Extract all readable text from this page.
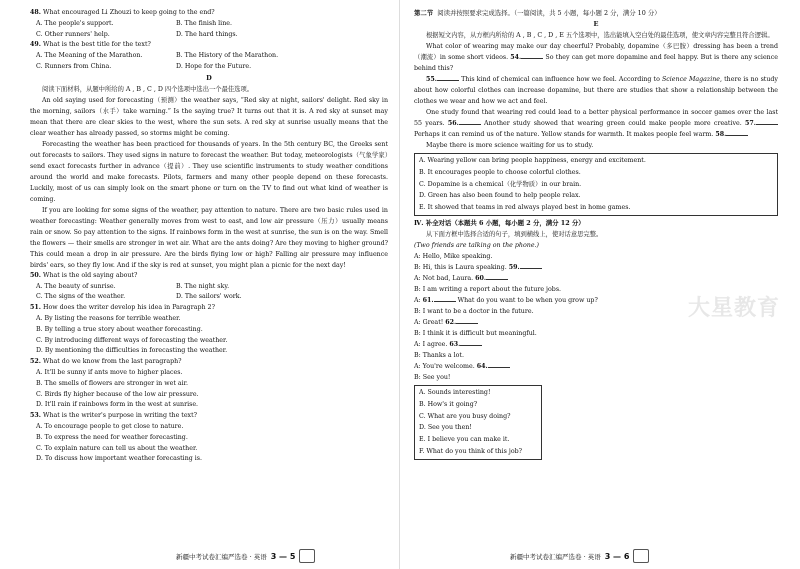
48. What encouraged Li Zhouzi to keep going to the end?
A. The people's support.	B. The finish line.
C. Other runners' help.	D. The hard things.
49. What is the best title for the text?
A. The Meaning of the Marathon.	B. The History of the Marathon.
C. Runners from China.	D. Hope for the Future.
D

阅读下面材料，从题中所给的 A , B , C , D 四个选项中选出一个最佳选项。

An old saying used for forecasting（预测）the weather says, “Red sky at night, sailors' delight. Red sky in the morning, sailors（水手）take warning.” Is the saying true? It turns out that it is. A red sky at sunset may mean that there are clear skies to the west, where the sun sets. A red sky at sunrise usually means that the clear weather has already passed, so storms might be coming.

Forecasting the weather has been practiced for thousands of years. In the 5th century BC, the Greeks sent out forecasts to sailors. They used signs in nature to forecast the weather. But today, meteorologists（气象学家）send exact forecasts further in advance（提前）. They use scientific instruments to study weather conditions around the world and make forecasts. Pilots, farmers and many other people depend on these forecasts. Luckily, most of us can simply look on the smart phone or turn on the TV to find out what kind of weather is coming.

If you are looking for some signs of the weather, pay attention to nature. There are two basic rules used in weather forecasting: Weather generally moves from west to east, and low air pressure（压力）usually means rain or snow. So pay attention to the signs. If rainbows form in the west at sunrise, the sun is on the way. Smell the flowers — their smells are stronger in wet air. What are the ants doing? Are they moving to higher ground? This could mean a drop in air pressure. Are the birds flying low or high? Falling air pressure may influence birds' ears, so they fly low. And if the sky is red at sunset, you might plan a picnic for the next day!

50. What is the old saying about?
A. The beauty of sunrise.	B. The night sky.
C. The signs of the weather.	D. The sailors' work.
51. How does the writer develop his idea in Paragraph 2?
A. By listing the reasons for terrible weather.
B. By telling a true story about weather forecasting.
C. By introducing different ways of forecasting the weather.
D. By mentioning the difficulties in forecasting the weather.
52. What do we know from the last paragraph?
A. It'll be sunny if ants move to higher places.
B. The smells of flowers are stronger in wet air.
C. Birds fly higher because of the low air pressure.
D. It'll rain if rainbows form in the west at sunrise.
53. What is the writer's purpose in writing the text?
A. To encourage people to get close to nature.
B. To express the need for weather forecasting.
C. To explain nature can tell us about the weather.
D. To discuss how important weather forecasting is.
新疆中考试卷汇编严选卷 · 英语 3 — 5
第二节 阅读并按照要求完成选择。（一篇阅读，共 5 小题，每小题 2 分，满分 10 分）
E

根据短文内容，从方框内所给的 A , B , C , D , E 五个选项中，选出能填入空白处的最佳选项，使文章内容完整且符合逻辑。

What color of wearing may make our day cheerful? Probably, dopamine（多巴胺）dressing has been a trend（潮流）in some short videos. 54.	So they can get more dopamine and feel happy. But is there any science behind this?

55.	This kind of chemical can influence how we feel. According to Science Magazine, there is no study about how colorful clothes can increase dopamine, but there are studies that show a relationship between the clothes we wear and how we act and feel.

One study found that wearing red could lead to a better physical performance in soccer games over the last 55 years. 56.	Another study showed that wearing green could make people more creative. 57. Perhaps it can remind us of the nature. Yellow stands for warmth. It makes people feel warm. 58.

Maybe there is more science waiting for us to study.

A. Wearing yellow can bring people happiness, energy and excitement.
B. It encourages people to choose colorful clothes.
C. Dopamine is a chemical（化学物质）in our brain.
D. Green has also been found to help people relax.
E. It showed that teams in red always played best in home games.
Ⅳ. 补全对话（本题共 6 小题，每小题 2 分，满分 12 分）

从下面方框中选择合适的句子，填到横线上，使对话意思完整。

(Two friends are talking on the phone.)

A: Hello, Mike speaking.

B: Hi, this is Laura speaking. 59.

A: Not bad, Laura. 60.

B: I am writing a report about the future jobs.

A: 61.	What do you want to be when you grow up?

B: I want to be a doctor in the future.

A: Great! 62.

B: I think it is difficult but meaningful.

A: I agree. 63.

B: Thanks a lot.

A: You're welcome. 64.

B: See you!

A. Sounds interesting!
B. How's it going?
C. What are you busy doing?
D. See you then!
E. I believe you can make it.
F. What do you think of this job?
大星教育
新疆中考试卷汇编严选卷 · 英语 3 — 6
